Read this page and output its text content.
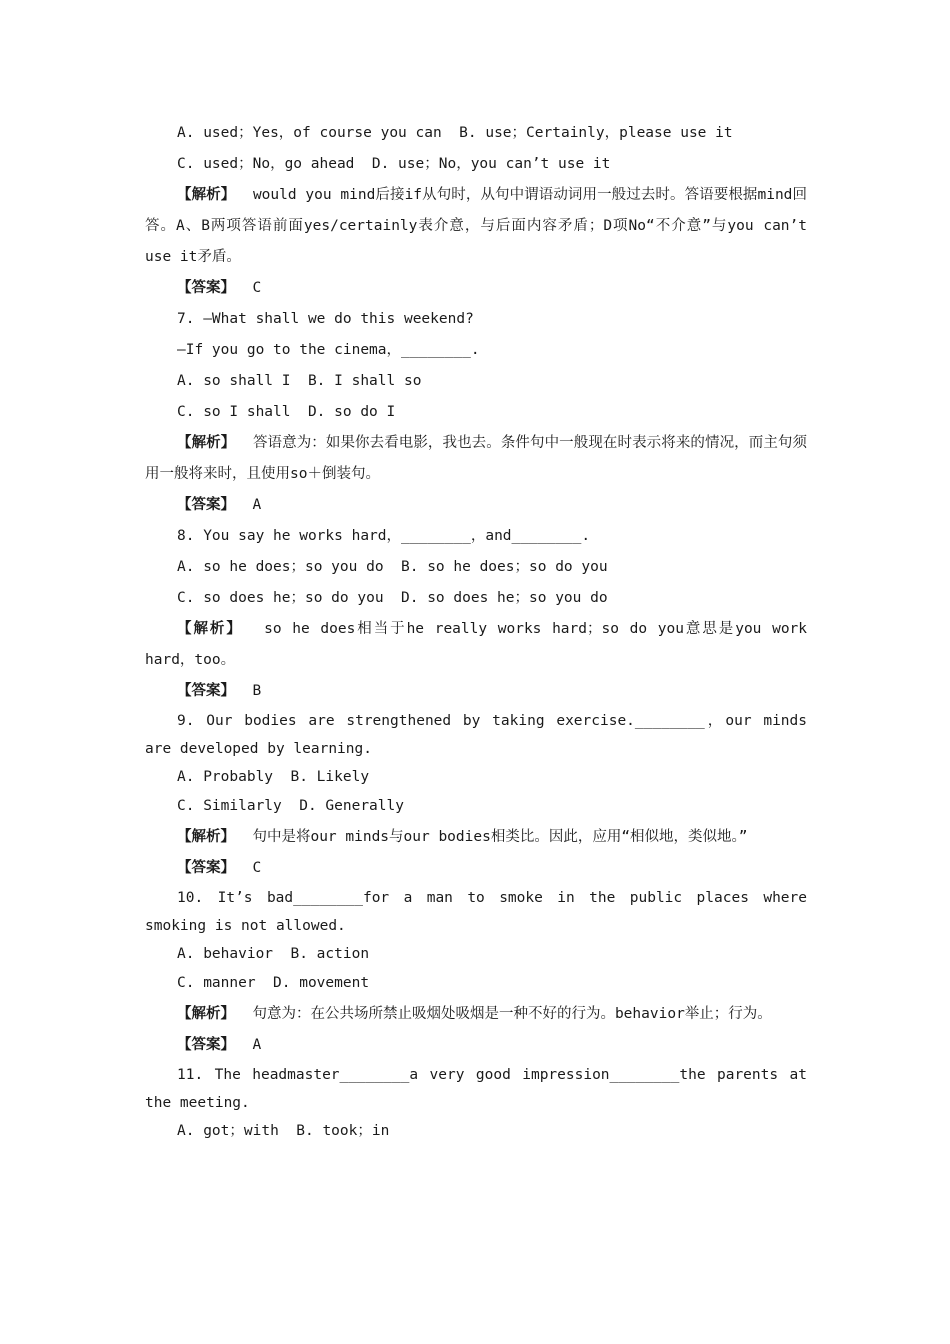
A. used；Yes，of course you can  B. use；Certainly，please use it
C. used；No，go ahead  D. use；No，you can’t use it
【解析】  would you mind后接if从句时，从句中谓语动词用一般过去时。答语要根据mind回答。A、B两项答语前面yes/certainly表介意，与后面内容矛盾；D项No“不介意”与you can’t use it矛盾。
【答案】  C
7. —What shall we do this weekend?
—If you go to the cinema，________.
A. so shall I  B. I shall so
C. so I shall  D. so do I
【解析】  答语意为：如果你去看电影，我也去。条件句中一般现在时表示将来的情况，而主句须用一般将来时，且使用so＋倒装句。
【答案】  A
8. You say he works hard，________，and________.
A. so he does；so you do  B. so he does；so do you
C. so does he；so do you  D. so does he；so you do
【解析】  so he does相当于he really works hard；so do you意思是you work hard，too。
【答案】  B
9. Our bodies are strengthened by taking exercise.________，our minds are developed by learning.
A. Probably  B. Likely
C. Similarly  D. Generally
【解析】  句中是将our minds与our bodies相类比。因此，应用“相似地，类似地。”
【答案】  C
10. It’s bad________for a man to smoke in the public places where smoking is not allowed.
A. behavior  B. action
C. manner  D. movement
【解析】  句意为：在公共场所禁止吸烟处吸烟是一种不好的行为。behavior举止；行为。
【答案】  A
11. The headmaster________a very good impression________the parents at the meeting.
A. got；with  B. took；in
